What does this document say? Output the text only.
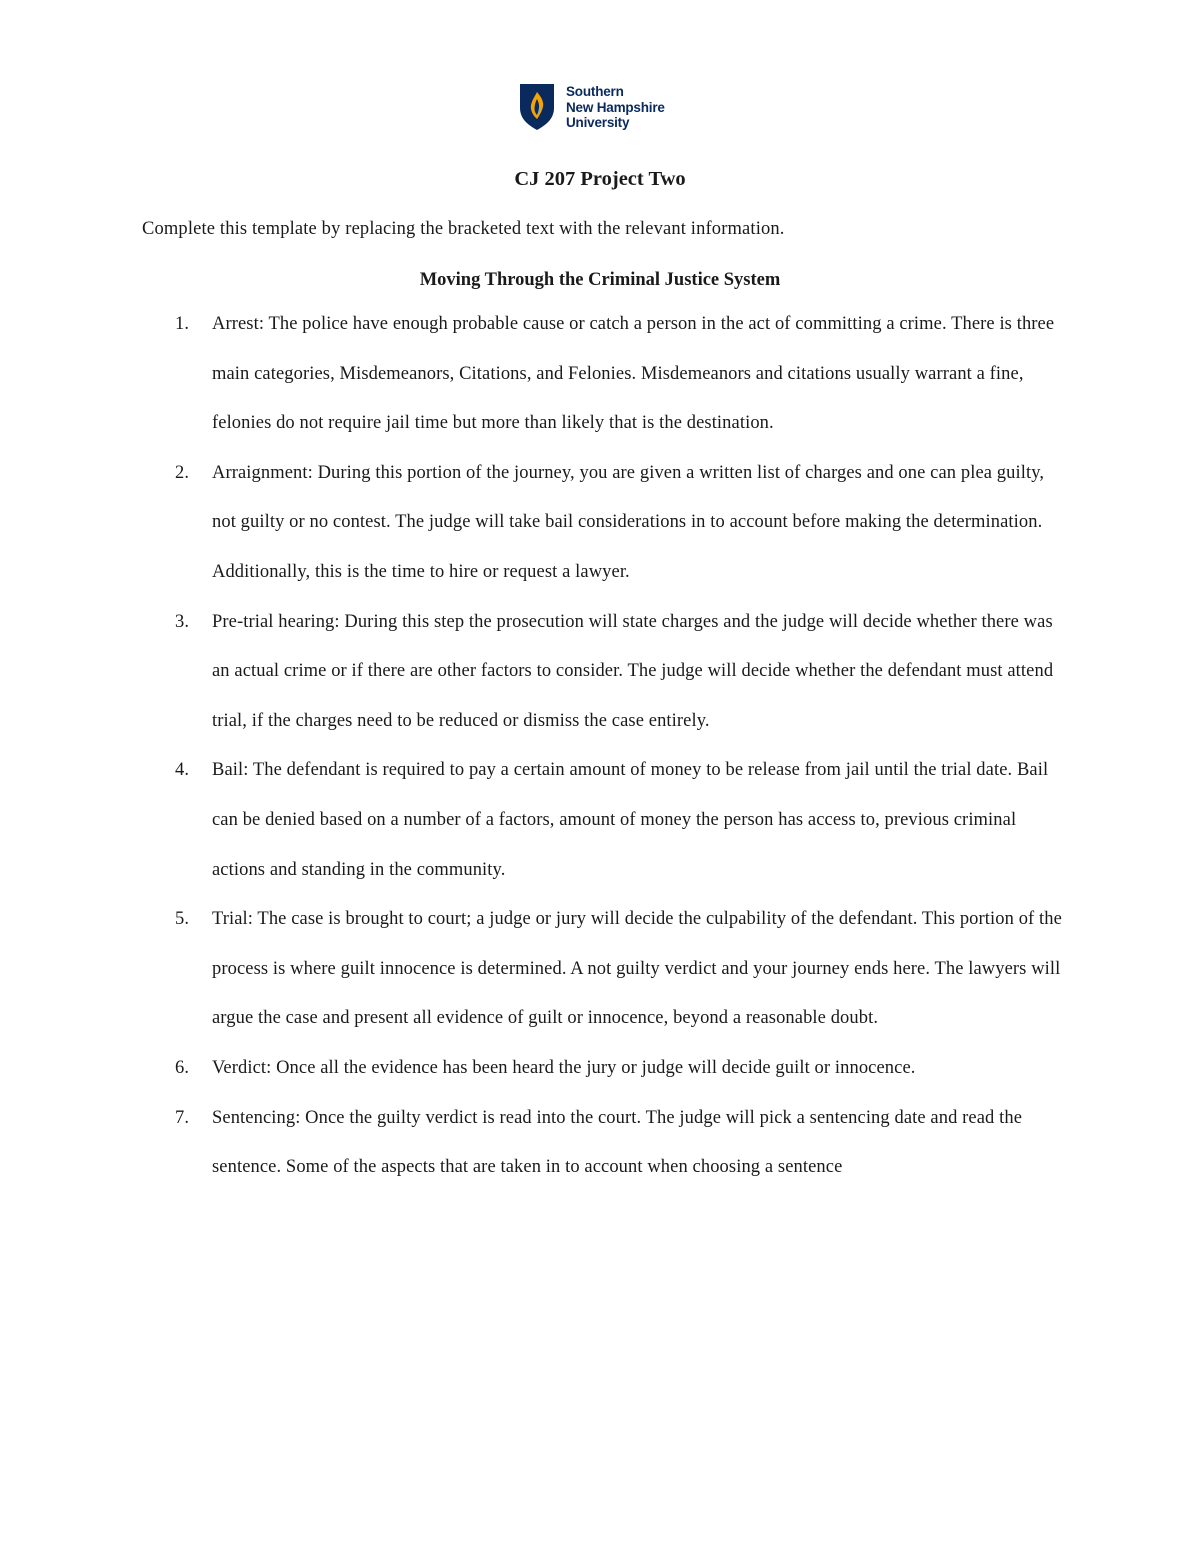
Southern
New Hampshire
University
CJ 207 Project Two
Complete this template by replacing the bracketed text with the relevant information.
Moving Through the Criminal Justice System
1.	Arrest: The police have enough probable cause or catch a person in the act of committing a crime. There is three main categories, Misdemeanors, Citations, and Felonies. Misdemeanors and citations usually warrant a fine, felonies do not require jail time but more than likely that is the destination.
2.	Arraignment: During this portion of the journey, you are given a written list of charges and one can plea guilty, not guilty or no contest. The judge will take bail considerations in to account before making the determination. Additionally, this is the time to hire or request a lawyer.
3.	Pre-trial hearing: During this step the prosecution will state charges and the judge will decide whether there was an actual crime or if there are other factors to consider. The judge will decide whether the defendant must attend trial, if the charges need to be reduced or dismiss the case entirely.
4.	Bail: The defendant is required to pay a certain amount of money to be release from jail until the trial date. Bail can be denied based on a number of a factors, amount of money the person has access to, previous criminal actions and standing in the community.
5.	Trial: The case is brought to court; a judge or jury will decide the culpability of the defendant. This portion of the process is where guilt innocence is determined. A not guilty verdict and your journey ends here. The lawyers will argue the case and present all evidence of guilt or innocence, beyond a reasonable doubt.
6.	Verdict: Once all the evidence has been heard the jury or judge will decide guilt or innocence.
7.	Sentencing: Once the guilty verdict is read into the court. The judge will pick a sentencing date and read the sentence. Some of the aspects that are taken in to account when choosing a sentence
